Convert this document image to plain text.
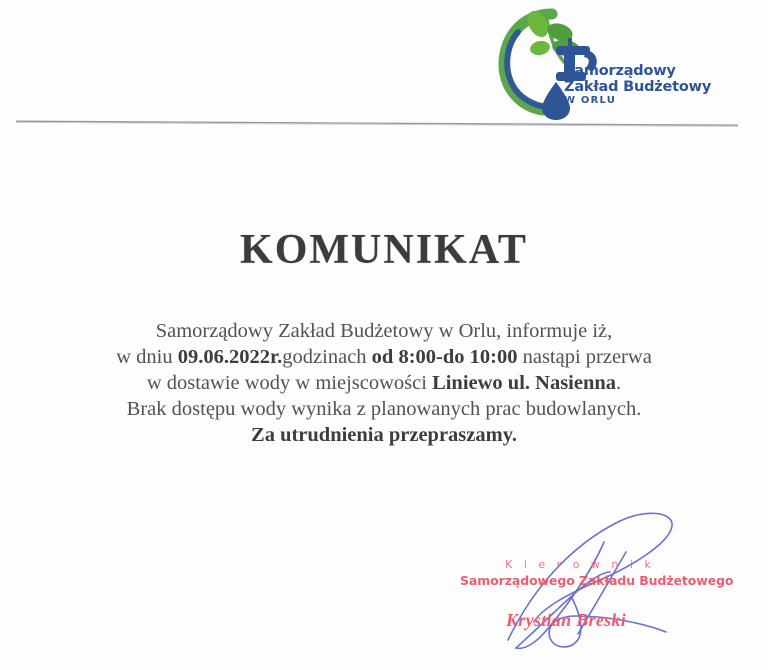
Samorządowy
Zakład Budżetowy
W ORLU
KOMUNIKAT

Samorządowy Zakład Budżetowy w Orlu, informuje iż,

w dniu 09.06.2022r.godzinach od 8:00-do 10:00 nastąpi przerwa

w dostawie wody w miejscowości Liniewo ul. Nasienna.

Brak dostępu wody wynika z planowanych prac budowlanych.

Za utrudnienia przepraszamy.

K i e r o w n i k
Samorządowego Zakładu Budżetowego
Krystian Breski
